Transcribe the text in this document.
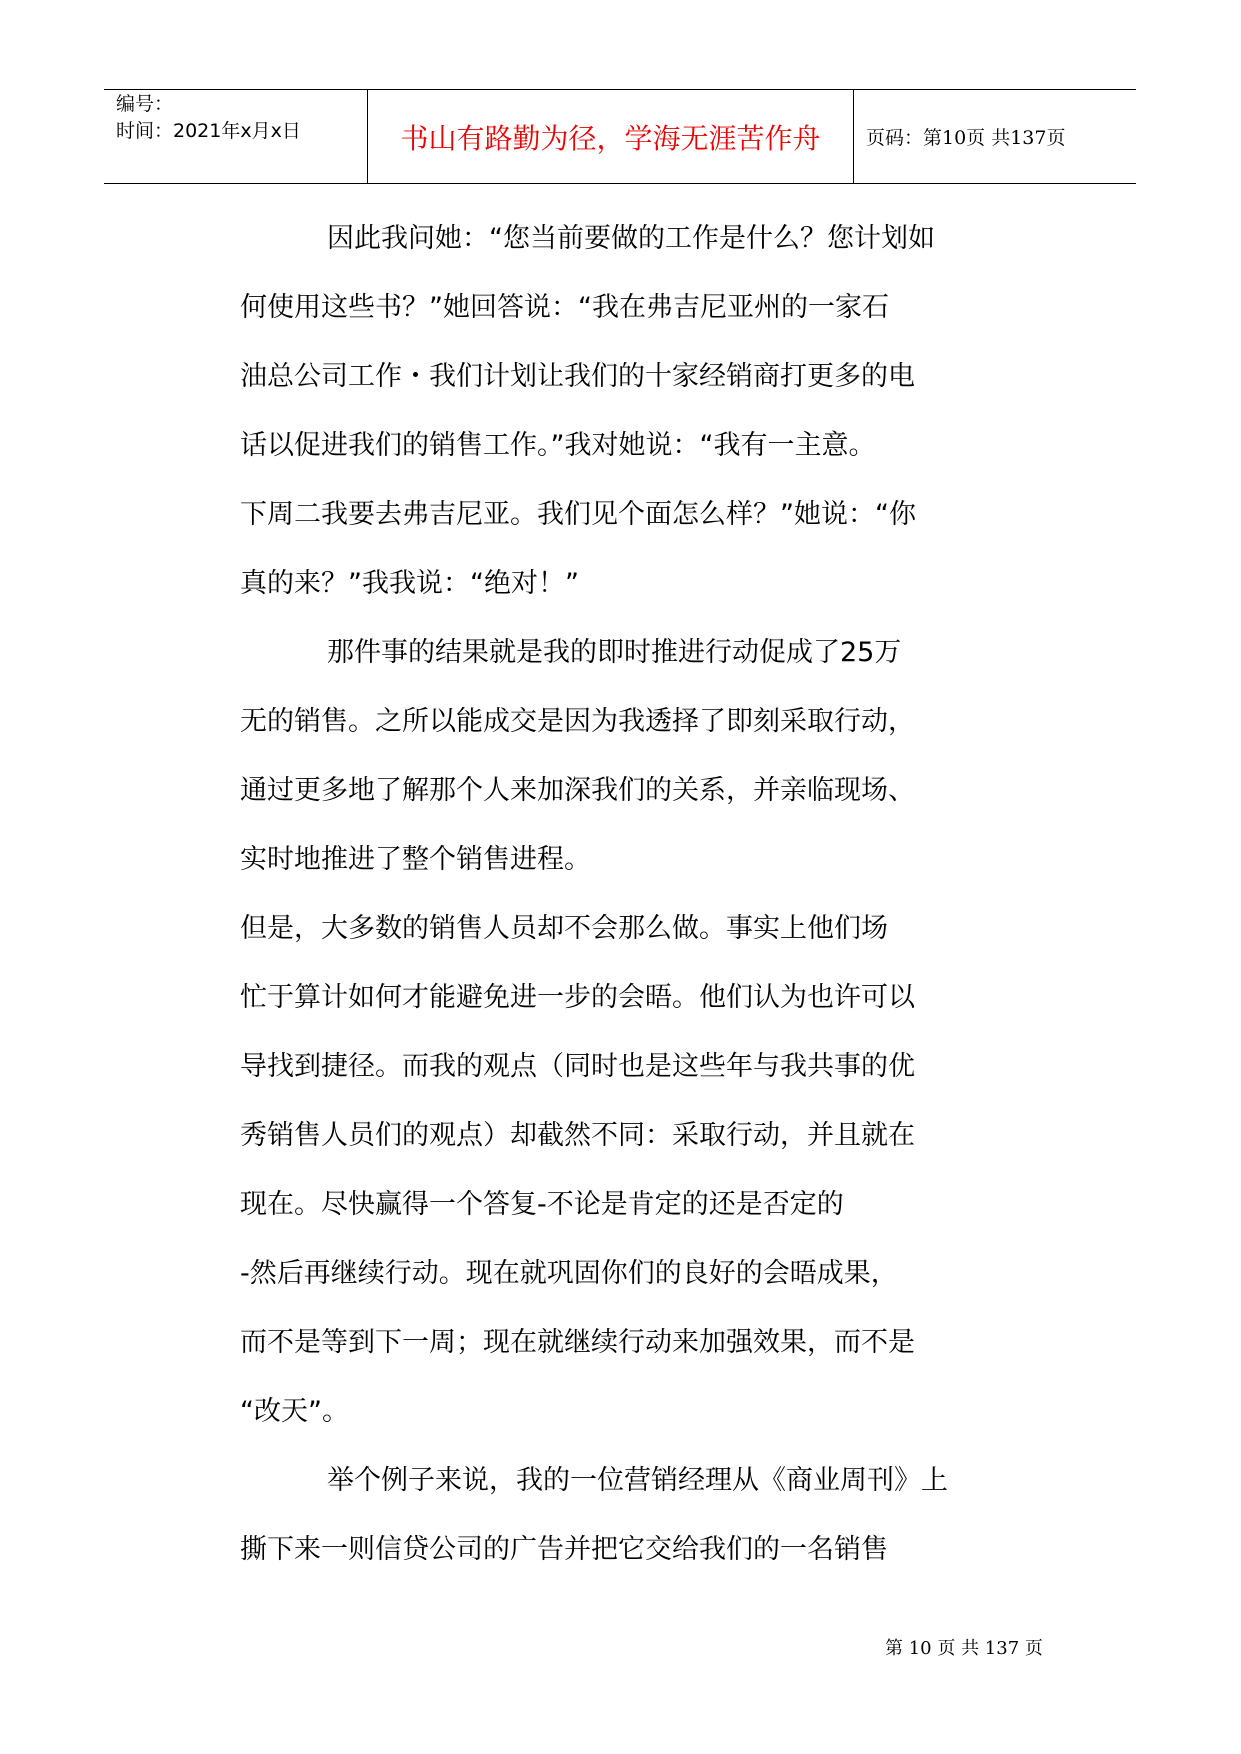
编号：
时间：2021年x月x日	书山有路勤为径，学海无涯苦作舟	页码：第10页 共137页
因此我问她：“您当前要做的工作是什么？您计划如
何使用这些书？”她回答说：“我在弗吉尼亚州的一家石
油总公司工作・我们计划让我们的十家经销商打更多的电
话以促进我们的销售工作。”我对她说：“我有一主意。
下周二我要去弗吉尼亚。我们见个面怎么样？”她说：“你
真的来？”我我说：“绝对！”
那件事的结果就是我的即时推进行动促成了25万
无的销售。之所以能成交是因为我透择了即刻采取行动，
通过更多地了解那个人来加深我们的关系，并亲临现场、
实时地推进了整个销售进程。
但是，大多数的销售人员却不会那么做。事实上他们场
忙于算计如何才能避免进一步的会晤。他们认为也许可以
导找到捷径。而我的观点（同时也是这些年与我共事的优
秀销售人员们的观点）却截然不同：采取行动，并且就在
现在。尽快赢得一个答复-不论是肯定的还是否定的
-然后再继续行动。现在就巩固你们的良好的会晤成果，
而不是等到下一周；现在就继续行动来加强效果，而不是
“改天”。
举个例子来说，我的一位营销经理从《商业周刊》上
撕下来一则信贷公司的广告并把它交给我们的一名销售
第 10 页 共 137 页
